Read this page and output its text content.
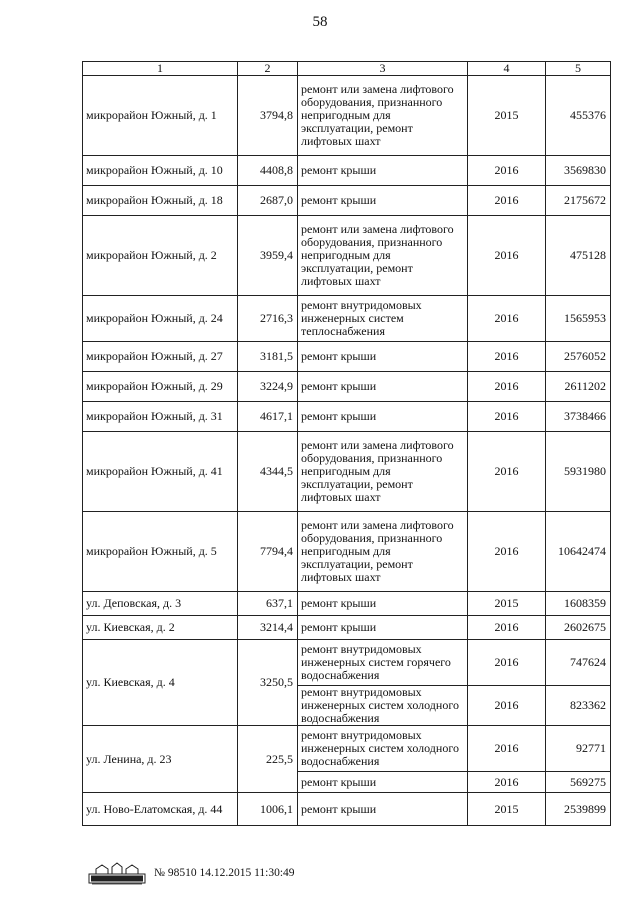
58
1	2	3	4	5
микрорайон Южный, д. 1	3794,8	ремонт или замена лифтового оборудования, признанного непригодным для эксплуатации, ремонт лифтовых шахт	2015	455376
микрорайон Южный, д. 10	4408,8	ремонт крыши	2016	3569830
микрорайон Южный, д. 18	2687,0	ремонт крыши	2016	2175672
микрорайон Южный, д. 2	3959,4	ремонт или замена лифтового оборудования, признанного непригодным для эксплуатации, ремонт лифтовых шахт	2016	475128
микрорайон Южный, д. 24	2716,3	ремонт внутридомовых инженерных систем теплоснабжения	2016	1565953
микрорайон Южный, д. 27	3181,5	ремонт крыши	2016	2576052
микрорайон Южный, д. 29	3224,9	ремонт крыши	2016	2611202
микрорайон Южный, д. 31	4617,1	ремонт крыши	2016	3738466
микрорайон Южный, д. 41	4344,5	ремонт или замена лифтового оборудования, признанного непригодным для эксплуатации, ремонт лифтовых шахт	2016	5931980
микрорайон Южный, д. 5	7794,4	ремонт или замена лифтового оборудования, признанного непригодным для эксплуатации, ремонт лифтовых шахт	2016	10642474
ул. Деповская, д. 3	637,1	ремонт крыши	2015	1608359
ул. Киевская, д. 2	3214,4	ремонт крыши	2016	2602675
ул. Киевская, д. 4	3250,5	ремонт внутридомовых инженерных систем горячего водоснабжения	2016	747624
		ремонт внутридомовых инженерных систем холодного водоснабжения	2016	823362
ул. Ленина, д. 23	225,5	ремонт внутридомовых инженерных систем холодного водоснабжения	2016	92771
		ремонт крыши	2016	569275
ул. Ново-Елатомская, д. 44	1006,1	ремонт крыши	2015	2539899
№ 98510 14.12.2015 11:30:49
